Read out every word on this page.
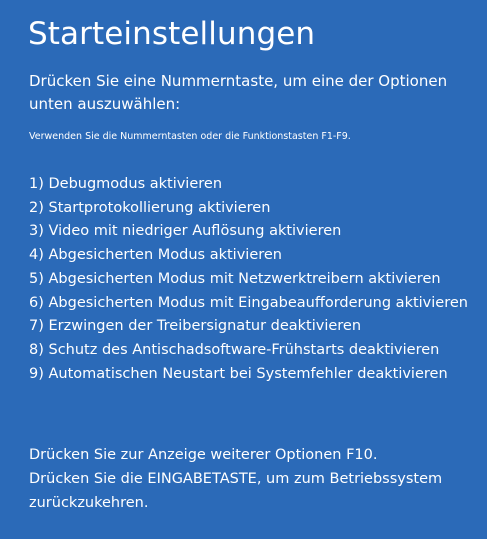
Starteinstellungen

Drücken Sie eine Nummerntaste, um eine der Optionen unten auszuwählen:

Verwenden Sie die Nummerntasten oder die Funktionstasten F1-F9.

1) Debugmodus aktivieren
2) Startprotokollierung aktivieren
3) Video mit niedriger Auflösung aktivieren
4) Abgesicherten Modus aktivieren
5) Abgesicherten Modus mit Netzwerktreibern aktivieren
6) Abgesicherten Modus mit Eingabeaufforderung aktivieren
7) Erzwingen der Treibersignatur deaktivieren
8) Schutz des Antischadsoftware-Frühstarts deaktivieren
9) Automatischen Neustart bei Systemfehler deaktivieren

Drücken Sie zur Anzeige weiterer Optionen F10.

Drücken Sie die EINGABETASTE, um zum Betriebssystem zurückzukehren.
